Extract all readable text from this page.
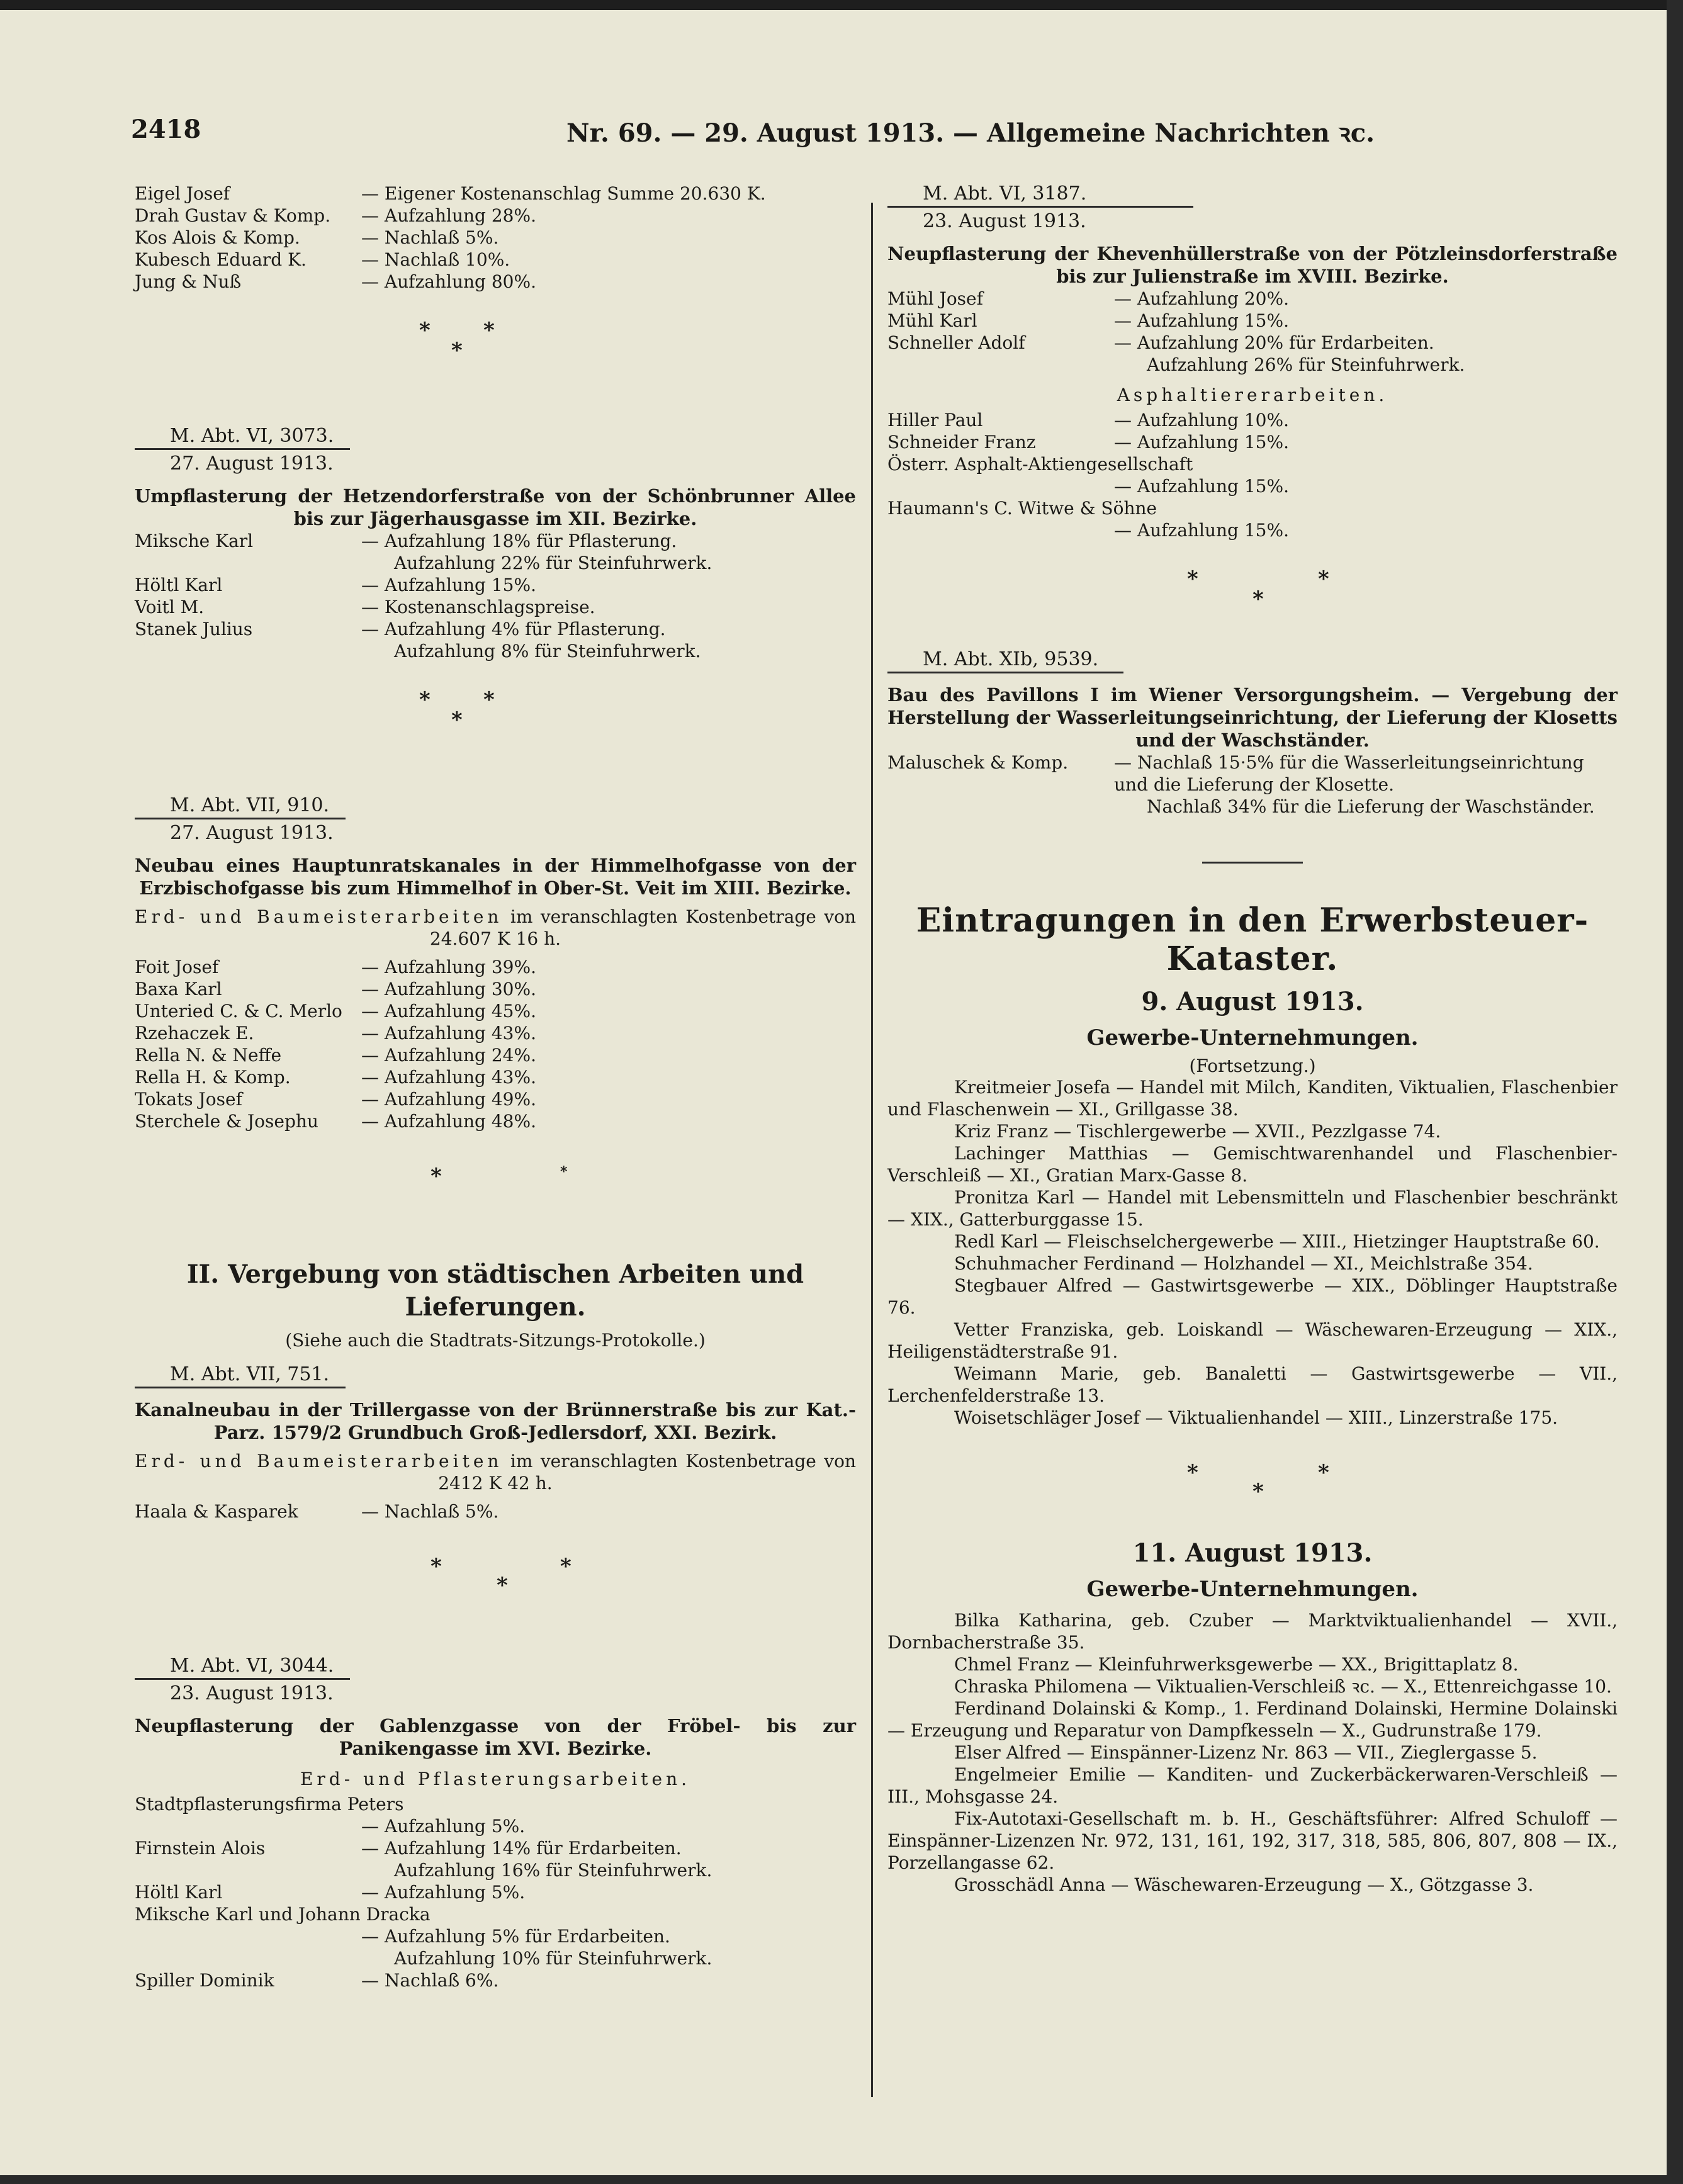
2418	Nr. 69. — 29. August 1913. — Allgemeine Nachrichten ꝛc.
Eigel Josef	— Eigener Kostenanschlag Summe 20.630 K.
Drah Gustav & Komp.	— Aufzahlung 28%.
Kos Alois & Komp.	— Nachlaß 5%.
Kubesch Eduard K.	— Nachlaß 10%.
Jung & Nuß	— Aufzahlung 80%.
* *
*
M. Abt. VI, 3073.
27. August 1913.
Umpflasterung der Hetzendorferstraße von der Schönbrunner Allee bis zur Jägerhausgasse im XII. Bezirke.
Miksche Karl	— Aufzahlung 18% für Pflasterung.
Aufzahlung 22% für Steinfuhrwerk.
Höltl Karl	— Aufzahlung 15%.
Voitl M.	— Kostenanschlagspreise.
Stanek Julius	— Aufzahlung 4% für Pflasterung.
Aufzahlung 8% für Steinfuhrwerk.
* *
*
M. Abt. VII, 910.
27. August 1913.
Neubau eines Hauptunratskanales in der Himmelhofgasse von der Erzbischofgasse bis zum Himmelhof in Ober-St. Veit im XIII. Bezirke.
Erd- und Baumeisterarbeiten im veranschlagten Kostenbetrage von 24.607 K 16 h.
Foit Josef	— Aufzahlung 39%.
Baxa Karl	— Aufzahlung 30%.
Unteried C. & C. Merlo	— Aufzahlung 45%.
Rzehaczek E.	— Aufzahlung 43%.
Rella N. & Neffe	— Aufzahlung 24%.
Rella H. & Komp.	— Aufzahlung 43%.
Tokats Josef	— Aufzahlung 49%.
Sterchele & Josephu	— Aufzahlung 48%.
*	*
II. Vergebung von städtischen Arbeiten und Lieferungen.
(Siehe auch die Stadtrats-Sitzungs-Protokolle.)
M. Abt. VII, 751.
Kanalneubau in der Trillergasse von der Brünnerstraße bis zur Kat.-Parz. 1579/2 Grundbuch Groß-Jedlersdorf, XXI. Bezirk.
Erd- und Baumeisterarbeiten im veranschlagten Kostenbetrage von 2412 K 42 h.
Haala & Kasparek	— Nachlaß 5%.
*	*
*
M. Abt. VI, 3044.
23. August 1913.
Neupflasterung der Gablenzgasse von der Fröbel- bis zur Panikengasse im XVI. Bezirke.
Erd- und Pflasterungsarbeiten.
Stadtpflasterungsfirma Peters
— Aufzahlung 5%.
Firnstein Alois	— Aufzahlung 14% für Erdarbeiten.
Aufzahlung 16% für Steinfuhrwerk.
Höltl Karl	— Aufzahlung 5%.
Miksche Karl und Johann Dracka
— Aufzahlung 5% für Erdarbeiten.
Aufzahlung 10% für Steinfuhrwerk.
Spiller Dominik	— Nachlaß 6%.
M. Abt. VI, 3187.
23. August 1913.
Neupflasterung der Khevenhüllerstraße von der Pötzleinsdorferstraße bis zur Julienstraße im XVIII. Bezirke.
Mühl Josef	— Aufzahlung 20%.
Mühl Karl	— Aufzahlung 15%.
Schneller Adolf	— Aufzahlung 20% für Erdarbeiten.
Aufzahlung 26% für Steinfuhrwerk.
Asphaltiererarbeiten.
Hiller Paul	— Aufzahlung 10%.
Schneider Franz	— Aufzahlung 15%.
Österr. Asphalt-Aktiengesellschaft
— Aufzahlung 15%.
Haumann's C. Witwe & Söhne
— Aufzahlung 15%.
*	*
*
M. Abt. XIb, 9539.
Bau des Pavillons I im Wiener Versorgungsheim. — Vergebung der Herstellung der Wasserleitungseinrichtung, der Lieferung der Klosetts und der Waschständer.
Maluschek & Komp.	— Nachlaß 15·5% für die Wasserleitungseinrichtung und die Lieferung der Klosette.
Nachlaß 34% für die Lieferung der Waschständer.
Eintragungen in den Erwerbsteuer-Kataster.
9. August 1913.
Gewerbe-Unternehmungen.
(Fortsetzung.)
Kreitmeier Josefa — Handel mit Milch, Kanditen, Viktualien, Flaschenbier und Flaschenwein — XI., Grillgasse 38.
Kriz Franz — Tischlergewerbe — XVII., Pezzlgasse 74.
Lachinger Matthias — Gemischtwarenhandel und Flaschenbier-Verschleiß — XI., Gratian Marx-Gasse 8.
Pronitza Karl — Handel mit Lebensmitteln und Flaschenbier beschränkt — XIX., Gatterburggasse 15.
Redl Karl — Fleischselchergewerbe — XIII., Hietzinger Hauptstraße 60.
Schuhmacher Ferdinand — Holzhandel — XI., Meichlstraße 354.
Stegbauer Alfred — Gastwirtsgewerbe — XIX., Döblinger Hauptstraße 76.
Vetter Franziska, geb. Loiskandl — Wäschewaren-Erzeugung — XIX., Heiligenstädterstraße 91.
Weimann Marie, geb. Banaletti — Gastwirtsgewerbe — VII., Lerchenfelderstraße 13.
Woisetschläger Josef — Viktualienhandel — XIII., Linzerstraße 175.
*	*
*
11. August 1913.
Gewerbe-Unternehmungen.
Bilka Katharina, geb. Czuber — Marktviktualienhandel — XVII., Dornbacherstraße 35.
Chmel Franz — Kleinfuhrwerksgewerbe — XX., Brigittaplatz 8.
Chraska Philomena — Viktualien-Verschleiß ꝛc. — X., Ettenreichgasse 10.
Ferdinand Dolainski & Komp., 1. Ferdinand Dolainski, Hermine Dolainski — Erzeugung und Reparatur von Dampfkesseln — X., Gudrunstraße 179.
Elser Alfred — Einspänner-Lizenz Nr. 863 — VII., Zieglergasse 5.
Engelmeier Emilie — Kanditen- und Zuckerbäckerwaren-Verschleiß — III., Mohsgasse 24.
Fix-Autotaxi-Gesellschaft m. b. H., Geschäftsführer: Alfred Schuloff — Einspänner-Lizenzen Nr. 972, 131, 161, 192, 317, 318, 585, 806, 807, 808 — IX., Porzellangasse 62.
Grosschädl Anna — Wäschewaren-Erzeugung — X., Götzgasse 3.
